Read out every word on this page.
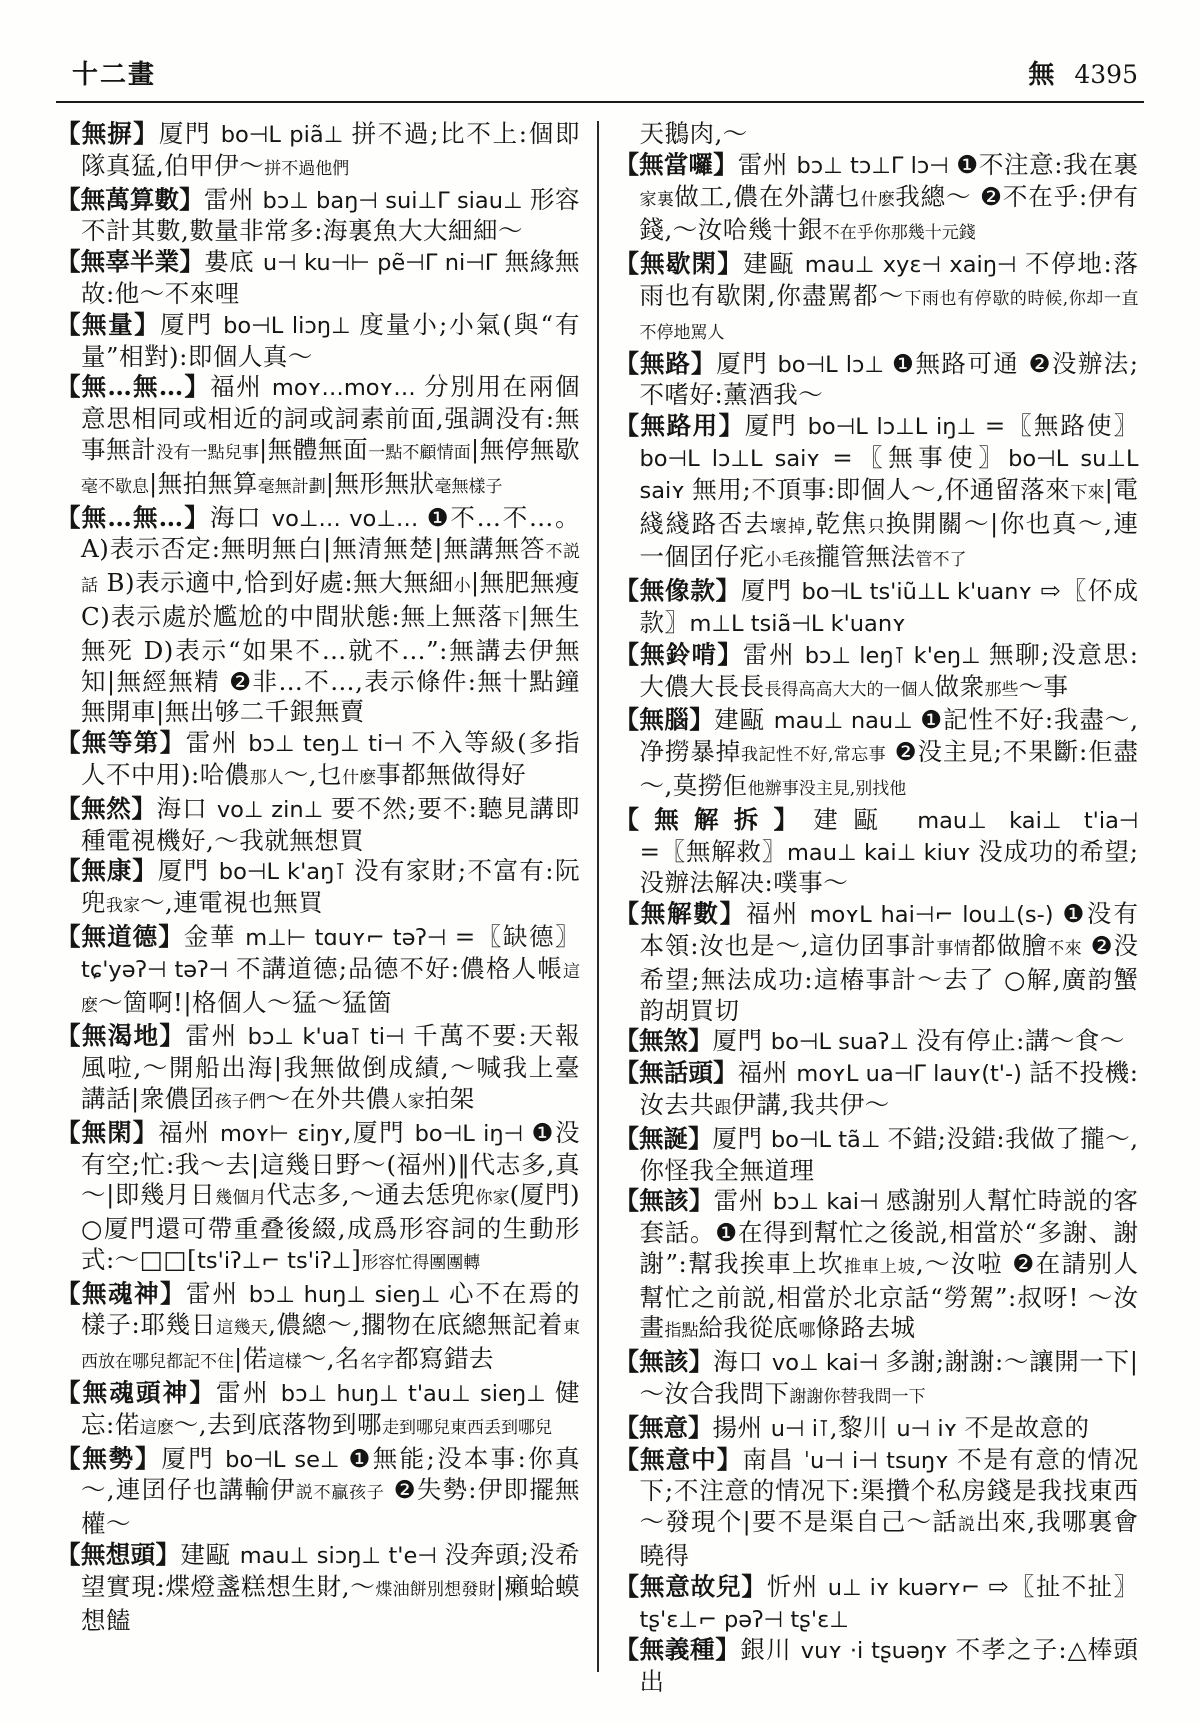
十二畫	無 4395

【無摒】厦門 bo⊣L piã⊥ 拼不過;比不上:個即隊真猛,伯甲伊～拼不過他們

【無萬算數】雷州 bɔ⊥ baŋ⊣ sui⊥Γ siau⊥ 形容不計其數,數量非常多:海裏魚大大細細～

【無辜半業】婁底 u⊣ ku⊣⊢ pẽ⊣Γ ni⊣Γ 無緣無故:他～不來哩

【無量】厦門 bo⊣L liɔŋ⊥ 度量小;小氣(與“有量”相對):即個人真～

【無…無…】福州 moʏ…moʏ… 分別用在兩個意思相同或相近的詞或詞素前面,强調没有:無事無計没有一點兒事|無體無面一點不顧情面|無停無歇毫不歇息|無拍無算毫無計劃|無形無狀毫無樣子

【無…無…】海口 vo⊥… vo⊥… ❶不…不…。A)表示否定:無明無白|無清無楚|無講無答不説話 B)表示適中,恰到好處:無大無細小|無肥無瘦 C)表示處於尷尬的中間狀態:無上無落下|無生無死 D)表示“如果不…就不…”:無講去伊無知|無經無精 ❷非…不…,表示條件:無十點鐘無開車|無出够二千銀無賣

【無等第】雷州 bɔ⊥ teŋ⊥ ti⊣ 不入等級(多指人不中用):哈儂那人～,乜什麽事都無做得好

【無然】海口 vo⊥ zin⊥ 要不然;要不:聽見講即種電視機好,～我就無想買

【無康】厦門 bo⊣L k'aŋ⊺ 没有家財;不富有:阮兜我家～,連電視也無買

【無道德】金華 m⊥⊢ tɑuʏ⌐ təʔ⊣ =〖缺德〗tɕ'yəʔ⊣ təʔ⊣ 不講道德;品德不好:儂格人帳這麽～箇啊!|格個人～猛～猛箇

【無渴地】雷州 bɔ⊥ k'ua⊺ ti⊣ 千萬不要:天報風啦,～開船出海|我無做倒成績,～喊我上臺講話|衆儂囝孩子們～在外共儂人家拍架

【無閑】福州 moʏ⊢ ɛiŋʏ,厦門 bo⊣L iŋ⊣ ❶没有空;忙:我～去|這幾日野～(福州)‖代志多,真～|即幾月日幾個月代志多,～通去恁兜你家(厦門) ○厦門還可帶重叠後綴,成爲形容詞的生動形式:～□□[ts'iʔ⊥⌐ ts'iʔ⊥]形容忙得團團轉

【無魂神】雷州 bɔ⊥ huŋ⊥ sieŋ⊥ 心不在焉的樣子:耶幾日這幾天,儂總～,擱物在底總無記着東西放在哪兒都記不住|偌這樣～,名名字都寫錯去

【無魂頭神】雷州 bɔ⊥ huŋ⊥ t'au⊥ sieŋ⊥ 健忘:偌這麽～,去到底落物到哪走到哪兒東西丢到哪兒

【無勢】厦門 bo⊣L se⊥ ❶無能;没本事:你真～,連囝仔也講輸伊説不贏孩子 ❷失勢:伊即擺無權～

【無想頭】建甌 mau⊥ siɔŋ⊥ t'e⊣ 没奔頭;没希望實現:煠燈盞糕想生財,～煠油餅別想發財|癩蛤蟆想饁

天鵝肉,～

【無當囉】雷州 bɔ⊥ tɔ⊥Γ lɔ⊣ ❶不注意:我在裏家裏做工,儂在外講乜什麽我總～ ❷不在乎:伊有錢,～汝哈幾十銀不在乎你那幾十元錢

【無歇閑】建甌 mau⊥ xyɛ⊣ xaiŋ⊣ 不停地:落雨也有歇閑,你盡駡都～下雨也有停歇的時候,你却一直不停地駡人

【無路】厦門 bo⊣L lɔ⊥ ❶無路可通 ❷没辦法;不嗜好:薰酒我～

【無路用】厦門 bo⊣L lɔ⊥L iŋ⊥ =〖無路使〗bo⊣L lɔ⊥L saiʏ =〖無事使〗bo⊣L su⊥L saiʏ 無用;不頂事:即個人～,伓通留落來下來|電綫綫路否去壞掉,乾焦只换開關～|你也真～,連一個囝仔疕小毛孩攏管無法管不了

【無像款】厦門 bo⊣L ts'iũ⊥L k'uanʏ ⇨〖伓成款〗m⊥L tsiã⊣L k'uanʏ

【無鈴啃】雷州 bɔ⊥ leŋ⊺ k'eŋ⊥ 無聊;没意思:大儂大長長長得高高大大的一個人做衆那些～事

【無腦】建甌 mau⊥ nau⊥ ❶記性不好:我盡～,净撈暴掉我記性不好,常忘事 ❷没主見;不果斷:佢盡～,莫撈佢他辦事没主見,别找他

【無解拆】建甌 mau⊥ kai⊥ t'ia⊣ =〖無解救〗mau⊥ kai⊥ kiuʏ 没成功的希望;没辦法解决:噗事～

【無解數】福州 moʏL hai⊣⌐ lou⊥(s-) ❶没有本領:汝也是～,這仂囝事計事情都做膾不來 ❷没希望;無法成功:這樁事計～去了 ○解,廣韵蟹韵胡買切

【無煞】厦門 bo⊣L suaʔ⊥ 没有停止:講～食～

【無話頭】福州 moʏL ua⊣Γ lauʏ(t'-) 話不投機:汝去共跟伊講,我共伊～

【無誕】厦門 bo⊣L tã⊥ 不錯;没錯:我做了攏～,你怪我全無道理

【無該】雷州 bɔ⊥ kai⊣ 感謝别人幫忙時説的客套話。❶在得到幫忙之後説,相當於“多謝、謝謝”:幫我挨車上坎推車上坡,～汝啦 ❷在請别人幫忙之前説,相當於北京話“勞駕”:叔呀! ～汝畫指點給我從底哪條路去城

【無該】海口 vo⊥ kai⊣ 多謝;謝謝:～讓開一下|～汝合我問下謝謝你替我問一下

【無意】揚州 u⊣ i⊺,黎川 u⊣ iʏ 不是故意的

【無意中】南昌 ˈu⊣ i⊣ tsuŋʏ 不是有意的情况下;不注意的情况下:渠攢个私房錢是我找東西～發現个|要不是渠自己～話説出來,我哪裏會曉得

【無意故兒】忻州 u⊥ iʏ kuərʏ⌐ ⇨〖扯不扯〗tʂ'ɛ⊥⌐ pəʔ⊣ tʂ'ɛ⊥

【無義種】銀川 vuʏ ·i tʂuəŋʏ 不孝之子:△棒頭出
